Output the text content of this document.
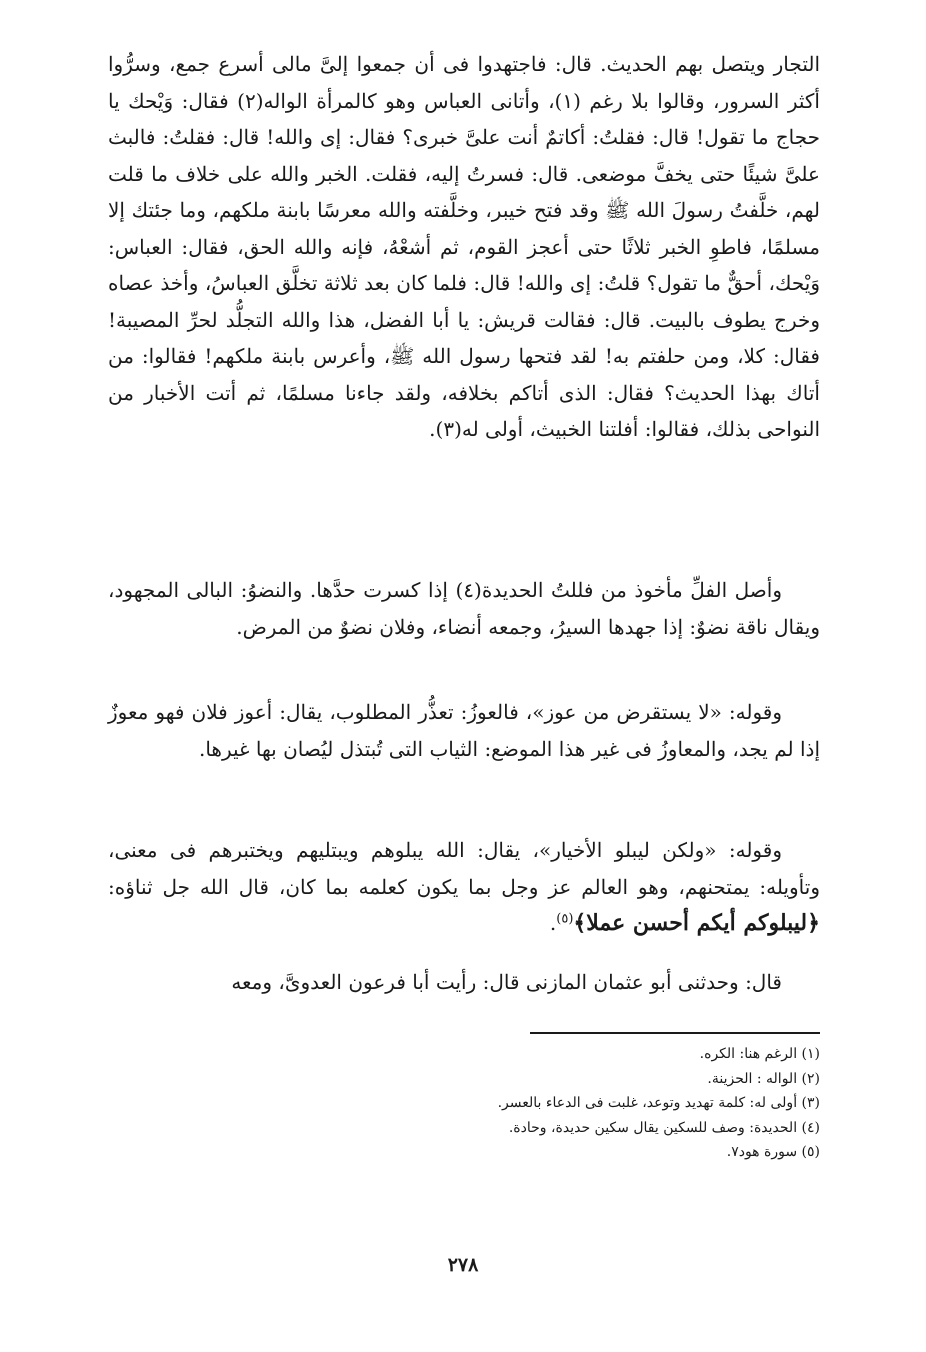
التجار ويتصل بهم الحديث. قال: فاجتهدوا فى أن جمعوا إلىَّ مالى أسرع جمع، وسرُّوا أكثر السرور، وقالوا بلا رغم (١)، وأتانى العباس وهو كالمرأة الواله(٢) فقال: وَيْحك يا حجاج ما تقول! قال: فقلتُ: أكاتمٌ أنت علىَّ خبرى؟ فقال: إى والله! قال: فقلتُ: فالبث علىَّ شيئًا حتى يخفَّ موضعى. قال: فسرتُ إليه، فقلت. الخبر والله على خلاف ما قلت لهم، خلَّفتُ رسولَ الله ﷺ وقد فتح خيبر، وخلَّفته والله معرسًا بابنة ملكهم، وما جئتك إلا مسلمًا، فاطوِ الخبر ثلاثًا حتى أعجز القوم، ثم أشعْهُ، فإنه والله الحق، فقال: العباس: وَيْحك، أحقٌّ ما تقول؟ قلتُ: إى والله! قال: فلما كان بعد ثلاثة تخلَّق العباسُ، وأخذ عصاه وخرج يطوف بالبيت. قال: فقالت قريش: يا أبا الفضل، هذا والله التجلُّد لحرِّ المصيبة! فقال: كلا، ومن حلفتم به! لقد فتحها رسول الله ﷺ، وأعرس بابنة ملكهم! فقالوا: من أتاك بهذا الحديث؟ فقال: الذى أتاكم بخلافه، ولقد جاءنا مسلمًا، ثم أتت الأخبار من النواحى بذلك، فقالوا: أفلتنا الخبيث، أولى له(٣).

وأصل الفلِّ مأخوذ من فللتُ الحديدة(٤) إذا كسرت حدَّها. والنضوُ: البالى المجهود، ويقال ناقة نضوٌ: إذا جهدها السيرُ، وجمعه أنضاء، وفلان نضوٌ من المرض.

وقوله: «لا يستقرض من عوز»، فالعوزُ: تعذُّر المطلوب، يقال: أعوز فلان فهو معوزٌ إذا لم يجد، والمعاوزُ فى غير هذا الموضع: الثياب التى تُبتذل ليُصان بها غيرها.

وقوله: «ولكن ليبلو الأخيار»، يقال: الله يبلوهم ويبتليهم ويختبرهم فى معنى، وتأويله: يمتحنهم، وهو العالم عز وجل بما يكون كعلمه بما كان، قال الله جل ثناؤه: ﴿ليبلوكم أيكم أحسن عملا﴾$^{(٥)}$.

قال: وحدثنى أبو عثمان المازنى قال: رأيت أبا فرعون العدوىَّ، ومعه

(١) الرغم هنا: الكره.
(٢) الواله : الحزينة.
(٣) أولى له: كلمة تهديد وتوعد، غلبت فى الدعاء بالعسر.
(٤) الحديدة: وصف للسكين يقال سكين حديدة، وحادة.
(٥) سورة هود٧.
٢٧٨
